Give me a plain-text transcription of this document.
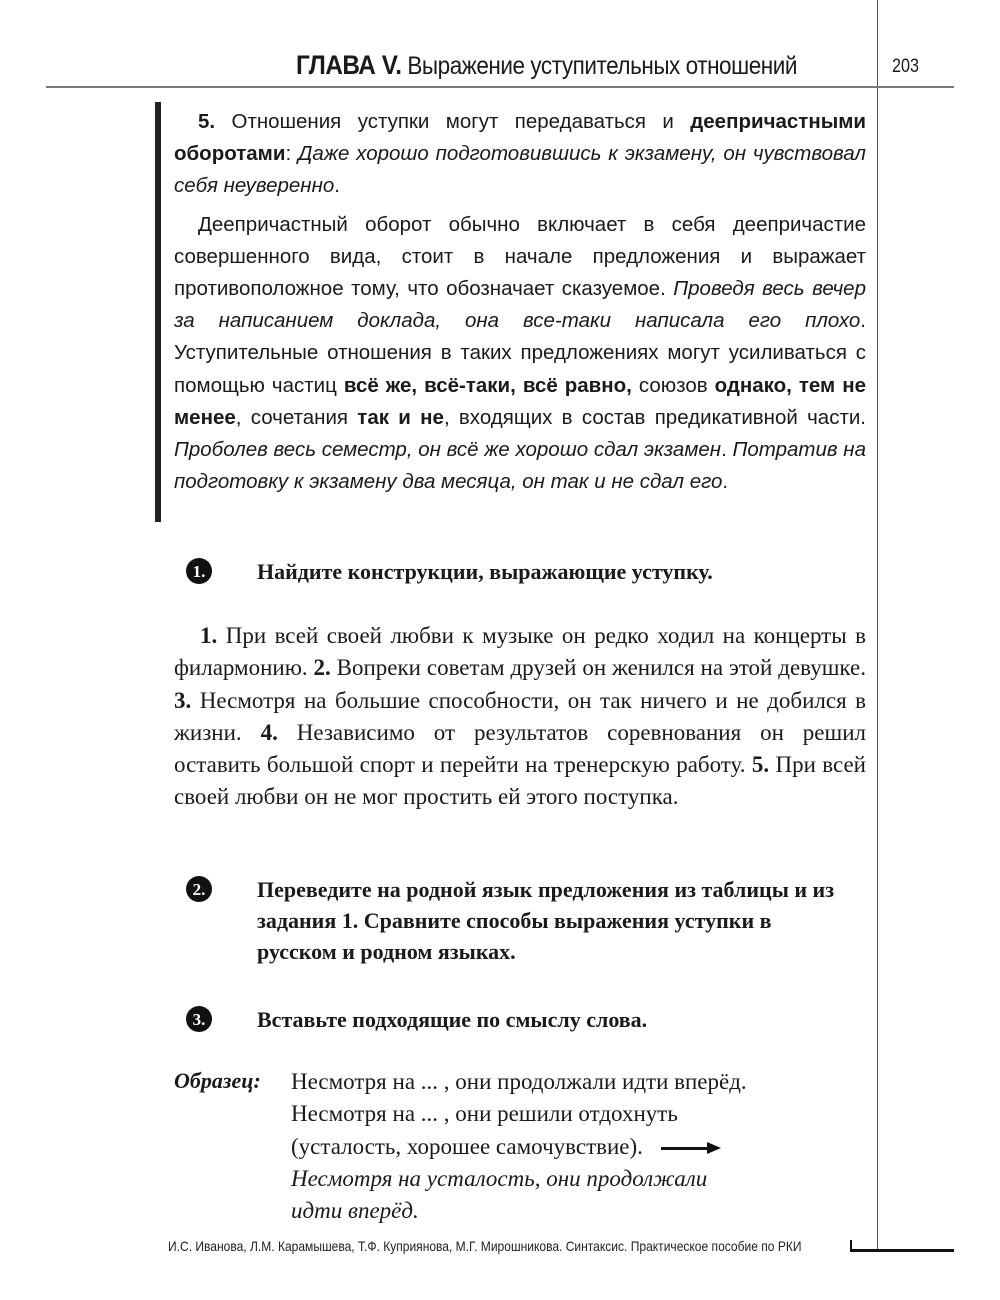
ГЛАВА V. Выражение уступительных отношений	203

5. Отношения уступки могут передаваться и деепричастными оборотами: Даже хорошо подготовившись к экзамену, он чувствовал себя неуверенно.

Деепричастный оборот обычно включает в себя деепричастие совершенного вида, стоит в начале предложения и выражает противоположное тому, что обозначает сказуемое. Проведя весь вечер за написанием доклада, она все-таки написала его плохо. Уступительные отношения в таких предложениях могут усиливаться с помощью частиц всё же, всё-таки, всё равно, союзов однако, тем не менее, сочетания так и не, входящих в состав предикативной части. Проболев весь семестр, он всё же хорошо сдал экзамен. Потратив на подготовку к экзамену два месяца, он так и не сдал его.

1.	Найдите конструкции, выражающие уступку.

1. При всей своей любви к музыке он редко ходил на концерты в филармонию. 2. Вопреки советам друзей он женился на этой девушке. 3. Несмотря на большие способности, он так ничего и не добился в жизни. 4. Независимо от результатов соревнования он решил оставить большой спорт и перейти на тренерскую работу. 5. При всей своей любви он не мог простить ей этого поступка.

2.	Переведите на родной язык предложения из таблицы и из задания 1. Сравните способы выражения уступки в русском и родном языках.
3.	Вставьте подходящие по смыслу слова.
Образец: Несмотря на ... , они продолжали идти вперёд.
Несмотря на ... , они решили отдохнуть
(усталость, хорошее самочувствие).
Несмотря на усталость, они продолжали
идти вперёд.
И.С. Иванова, Л.М. Карамышева, Т.Ф. Куприянова, М.Г. Мирошникова. Синтаксис. Практическое пособие по РКИ
